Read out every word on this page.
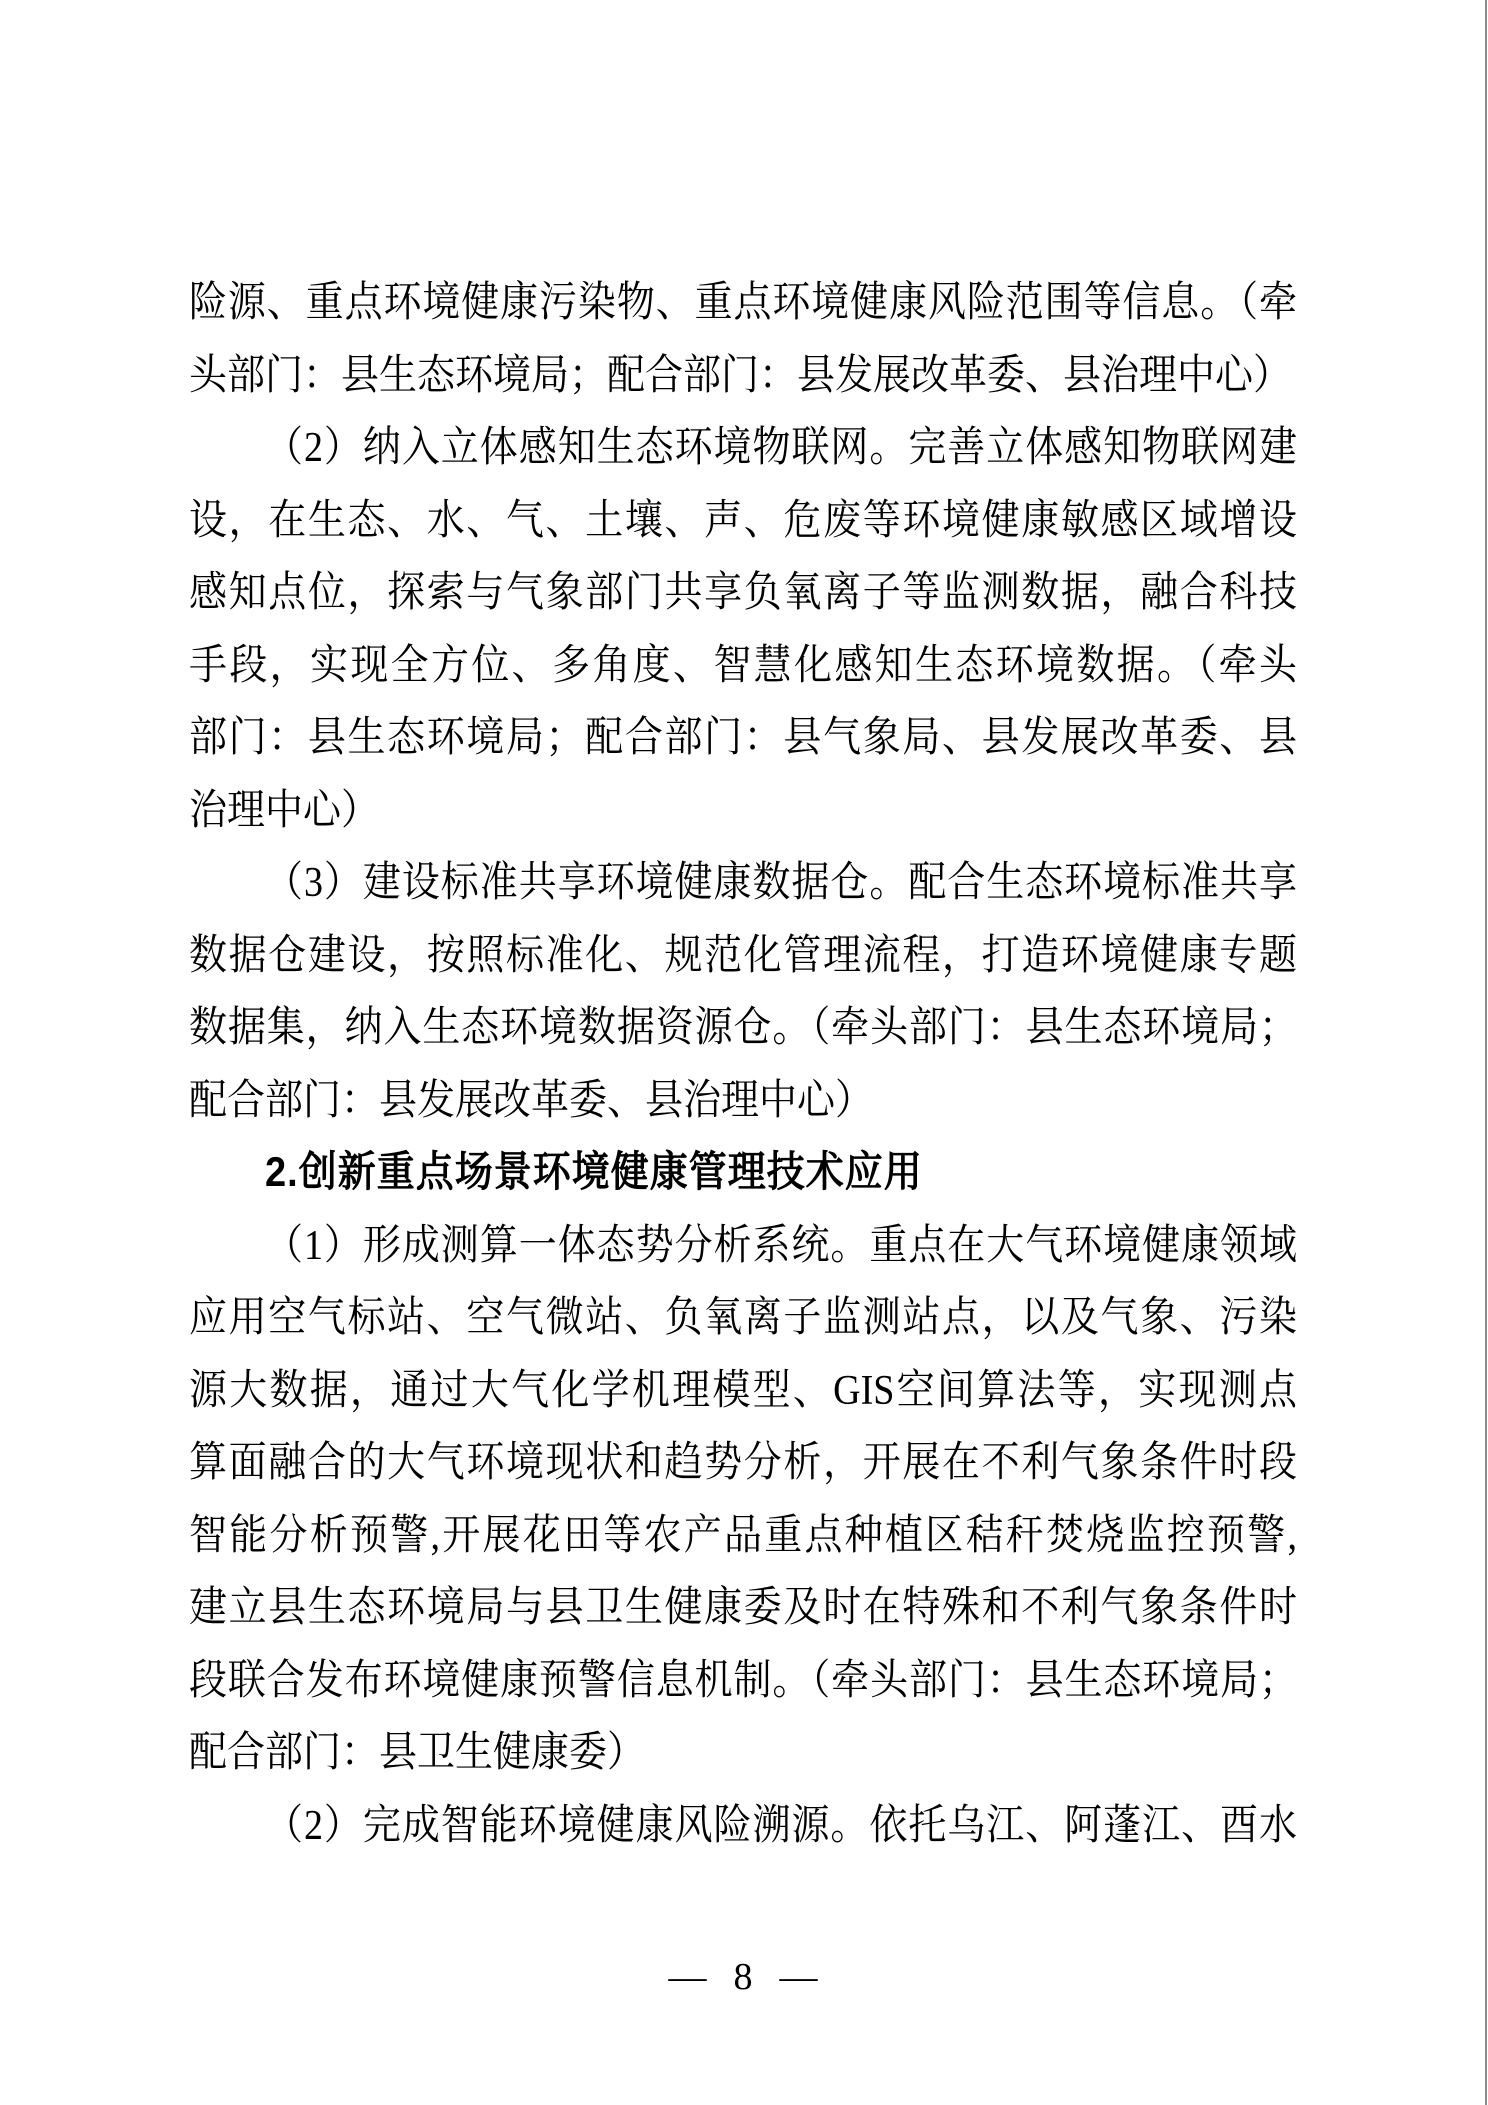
险源、重点环境健康污染物、重点环境健康风险范围等信息。（牵
头部门：县生态环境局；配合部门：县发展改革委、县治理中心）
（2）纳入立体感知生态环境物联网。完善立体感知物联网建
设，在生态、水、气、土壤、声、危废等环境健康敏感区域增设
感知点位，探索与气象部门共享负氧离子等监测数据，融合科技
手段，实现全方位、多角度、智慧化感知生态环境数据。（牵头
部门：县生态环境局；配合部门：县气象局、县发展改革委、县
治理中心）
（3）建设标准共享环境健康数据仓。配合生态环境标准共享
数据仓建设，按照标准化、规范化管理流程，打造环境健康专题
数据集，纳入生态环境数据资源仓。（牵头部门：县生态环境局；
配合部门：县发展改革委、县治理中心）
2.创新重点场景环境健康管理技术应用
（1）形成测算一体态势分析系统。重点在大气环境健康领域
应用空气标站、空气微站、负氧离子监测站点，以及气象、污染
源大数据，通过大气化学机理模型、GIS空间算法等，实现测点
算面融合的大气环境现状和趋势分析，开展在不利气象条件时段
智能分析预警,开展花田等农产品重点种植区秸秆焚烧监控预警,
建立县生态环境局与县卫生健康委及时在特殊和不利气象条件时
段联合发布环境健康预警信息机制。（牵头部门：县生态环境局；
配合部门：县卫生健康委）
（2）完成智能环境健康风险溯源。依托乌江、阿蓬江、酉水
— 8 —
